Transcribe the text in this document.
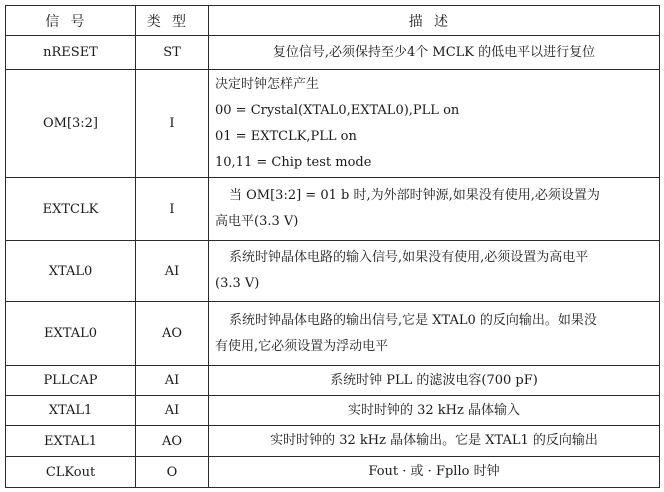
信号	类型	描述
nRESET	ST	复位信号,必须保持至少4个 MCLK 的低电平以进行复位

OM[3:2]	I	决定时钟怎样产生
00 = Crystal(XTAL0,EXTAL0),PLL on
01 = EXTCLK,PLL on
10,11 = Chip test mode

EXTCLK	I	当 OM[3:2] = 01 b 时,为外部时钟源,如果没有使用,必须设置为
高电平(3.3 V)

XTAL0	AI	系统时钟晶体电路的输入信号,如果没有使用,必须设置为高电平
(3.3 V)

EXTAL0	AO	系统时钟晶体电路的输出信号,它是 XTAL0 的反向输出。如果没
有使用,它必须设置为浮动电平

PLLCAP	AI	系统时钟 PLL 的滤波电容(700 pF)

XTAL1	AI	实时时钟的 32 kHz 晶体输入

EXTAL1	AO	实时时钟的 32 kHz 晶体输出。它是 XTAL1 的反向输出

CLKout	O	Fout · 或 · Fpllo 时钟
